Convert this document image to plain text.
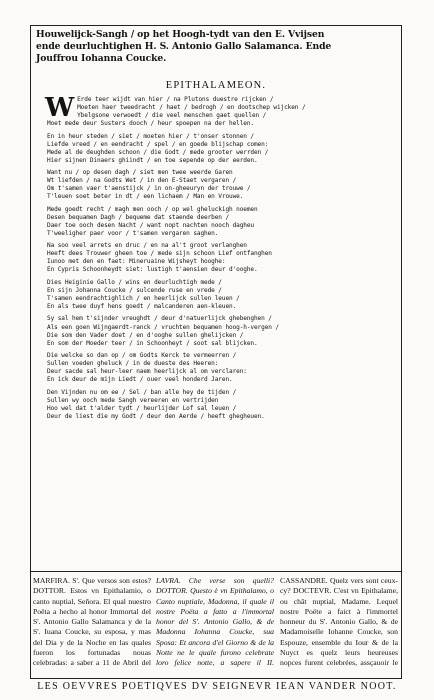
Houwelijck-Sangh / op het Hoogh-tydt van den E. Vvijsen
ende deurluchtighen H. S. Antonio Gallo Salamanca. Ende
Jouffrou Iohanna Coucke.
EPITHALAMEON.
W Erde teer wijdt van hier / na Plutons duestre rijcken /
Moeten haer tweedracht / haet / bedrogh / en dootschep wijcken /
Ybelgsone verwoedt / die veel menschen gaet quellen /
Moet mede deur Susters dooch / heur spoepen na der hellen.
En in heur steden / siet / moeten hier / t'onser stonnen /
Liefde vreed / en eendracht / spel / en goede blijschap comen:
Mede al de deughden schoon / die Godt / mede grooter werrden /
Hier sijnen Dinaers ghiindt / en toe sepende op der eerden.
Want nu / op desen dagh / siet men twee weerde Garen
Wt liefden / na Godts Wet / in den E-Staet vergaren /
Om t'samen vaer t'aenstijck / in on-gheeuryn der trouwe /
T'leuen soet beter in dt / een lichaem / Man en Vrouwe.
Mede goedt recht / magh men ooch / op wel gheluckigh noemen
Desen bequamen Dagh / bequeme dat staende deerben /
Daer toe ooch desen Nacht / want nopt nachten nooch dagheu
T'weeligher paer voor / t'samen vergaren saghen.
Na soo veel arrets en druc / en na al't groot verlanghen
Heeft dees Trouwer gheen toe / mede sijn schoon Lief ontfanghen
Iunoo met den en faet: Mineruaine Wijsheyt hooghe:
En Cypris Schoonheydt siet: lustigh t'aensien deur d'ooghe.
Dies Heiginie Gallo / wins en deurluchtigh mede /
En sijn Johanna Coucke / sulcende ruse en vrede /
T'samen eendrachtighlich / en heerlijck sullen leuen /
En als twee duyf hens goedt / malcanderen aen-kleuen.
Sy sal hem t'sijnder vreughdt / deur d'natuerlijck ghebenghen /
Als een goen Wijngaerdt-ranck / vruchten bequamen hoog-h-vergen /
Die som den Vader doet / en d'ooghe sullen ghelijcken /
En som der Moeder teer / in Schoonheyt / soot sal blijcken.
Die welcke so dan op / om Godts Kerck te vermeerren /
Sullen voeden gheluck / in de dueste des Heeren:
Deur sacde sal heur-leer naem heerlijck al om verclaren:
En ick deur de mijn Liedt / ouer veel honderd Jaren.
Den Vijnden nu om ee / Sel / ban alle hey de tijden /
Sullen wy ooch mede Sangh vereeren en vertrijden
Hoo wel dat t'alder tydt / heurlijder Lof sal leuen /
Deur de liest die my Godt / deur den Aerde / heeft ghegheuen.
MARFIRA. S'. Que versos son estos? DOTTOR. Estos vn Epithalamio, o canto nuptial, Señora. El qual nuestro Poëta a hecho al honor Immortal del S'. Antonio Gallo Salamanca y de la S'. Iuana Coucke, su esposa, y mas del Dia y de la Noche en las quales fueron los fortunadas nouas celebradas: a saber a 11 de Abril del
LAVRA. Che verse son quelli? DOTTOR. Questo è vn Epithalamo, o Canto nuptiale, Madonna, il quale il nostre Poëta a fatto a l'immortal honor del S'. Antonio Gallo, & de Madonna Iohanna Coucke, sua Sposa: Et ancora d'el Giorno & de la Notte ne le quale furono celebrate loro felice notte, a sapere il II.
CASSANDRE. Quelz vers sont ceux-cy? DOCTEVR. C'est vn Epithalame, ou chât nuptial, Madame. Lequel nostre Poëte a faict à l'immortel honneur du S'. Antonio Gallo, & de Madamoiselle Iohanne Coucke, son Espouze, ensemble du Iour & de la Nuyct es quelz leurs heureuses nopces furent celebrées, assçauoir le
LES OEVVRES POETIQVES DV SEIGNEVR IEAN VANDER NOOT.
